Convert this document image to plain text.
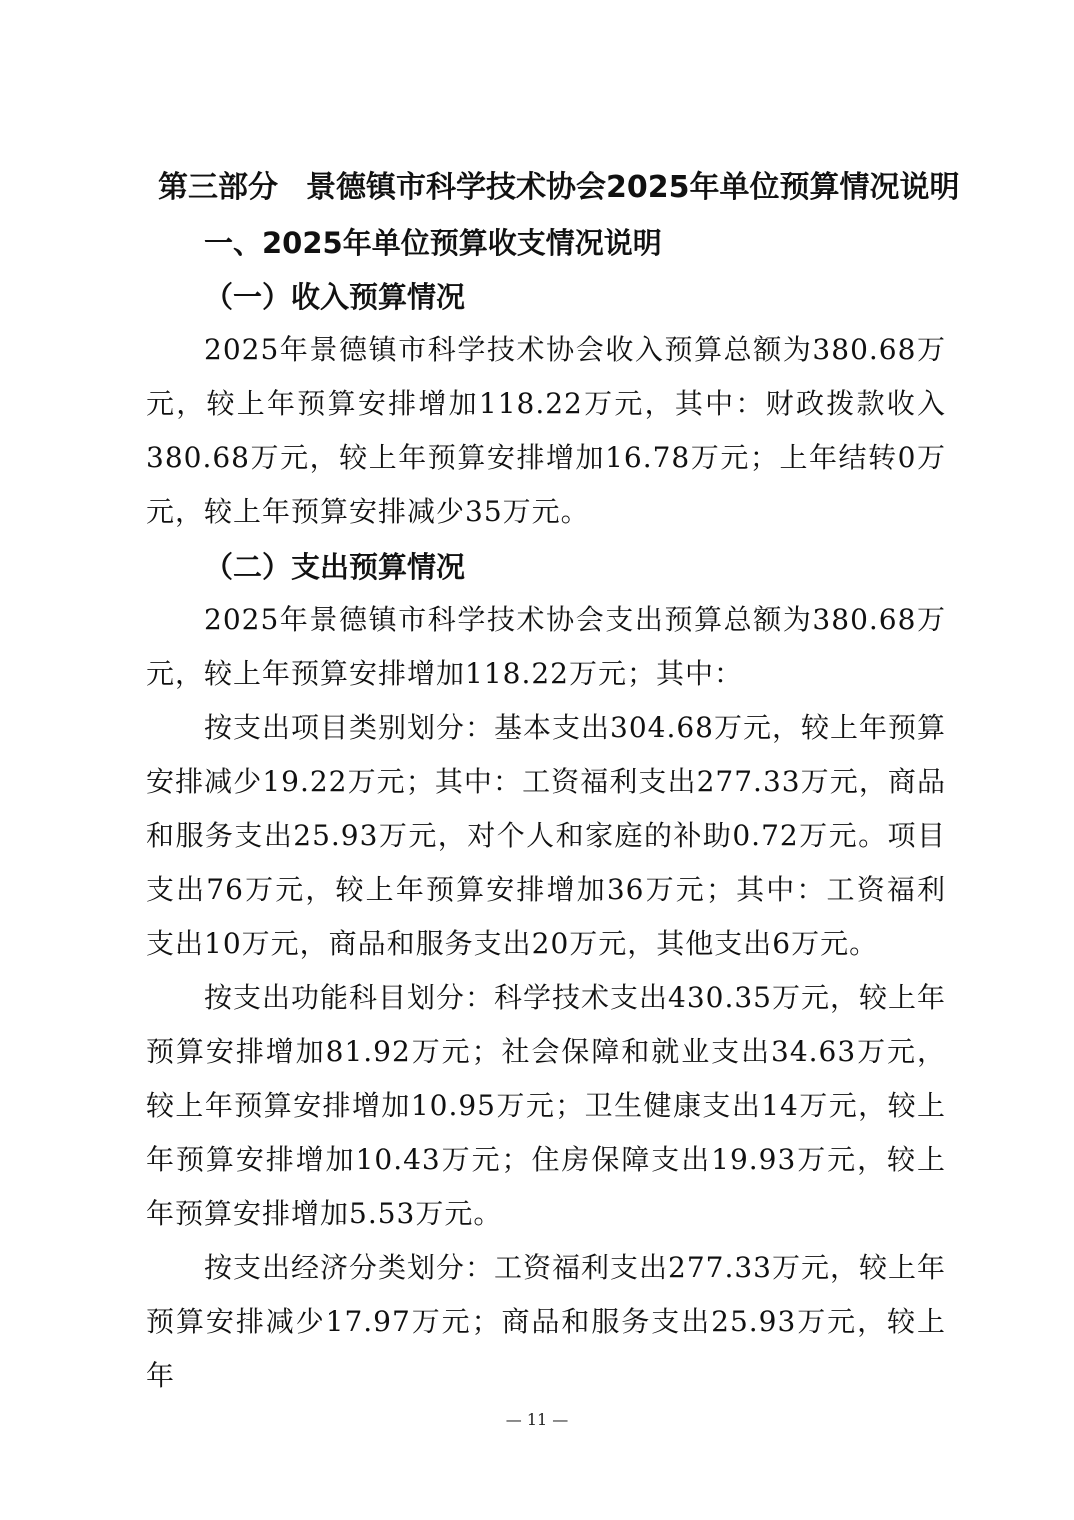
第三部分 景德镇市科学技术协会2025年单位预算情况说明
一、2025年单位预算收支情况说明
（一）收入预算情况

2025年景德镇市科学技术协会收入预算总额为380.68万元，较上年预算安排增加118.22万元，其中：财政拨款收入380.68万元，较上年预算安排增加16.78万元；上年结转0万元，较上年预算安排减少35万元。

（二）支出预算情况

2025年景德镇市科学技术协会支出预算总额为380.68万元，较上年预算安排增加118.22万元；其中：

按支出项目类别划分：基本支出304.68万元，较上年预算安排减少19.22万元；其中：工资福利支出277.33万元，商品和服务支出25.93万元，对个人和家庭的补助0.72万元。项目支出76万元，较上年预算安排增加36万元；其中：工资福利支出10万元，商品和服务支出20万元，其他支出6万元。

按支出功能科目划分：科学技术支出430.35万元，较上年预算安排增加81.92万元；社会保障和就业支出34.63万元，较上年预算安排增加10.95万元；卫生健康支出14万元，较上年预算安排增加10.43万元；住房保障支出19.93万元，较上年预算安排增加5.53万元。

按支出经济分类划分：工资福利支出277.33万元，较上年预算安排减少17.97万元；商品和服务支出25.93万元，较上年

— 11 —
